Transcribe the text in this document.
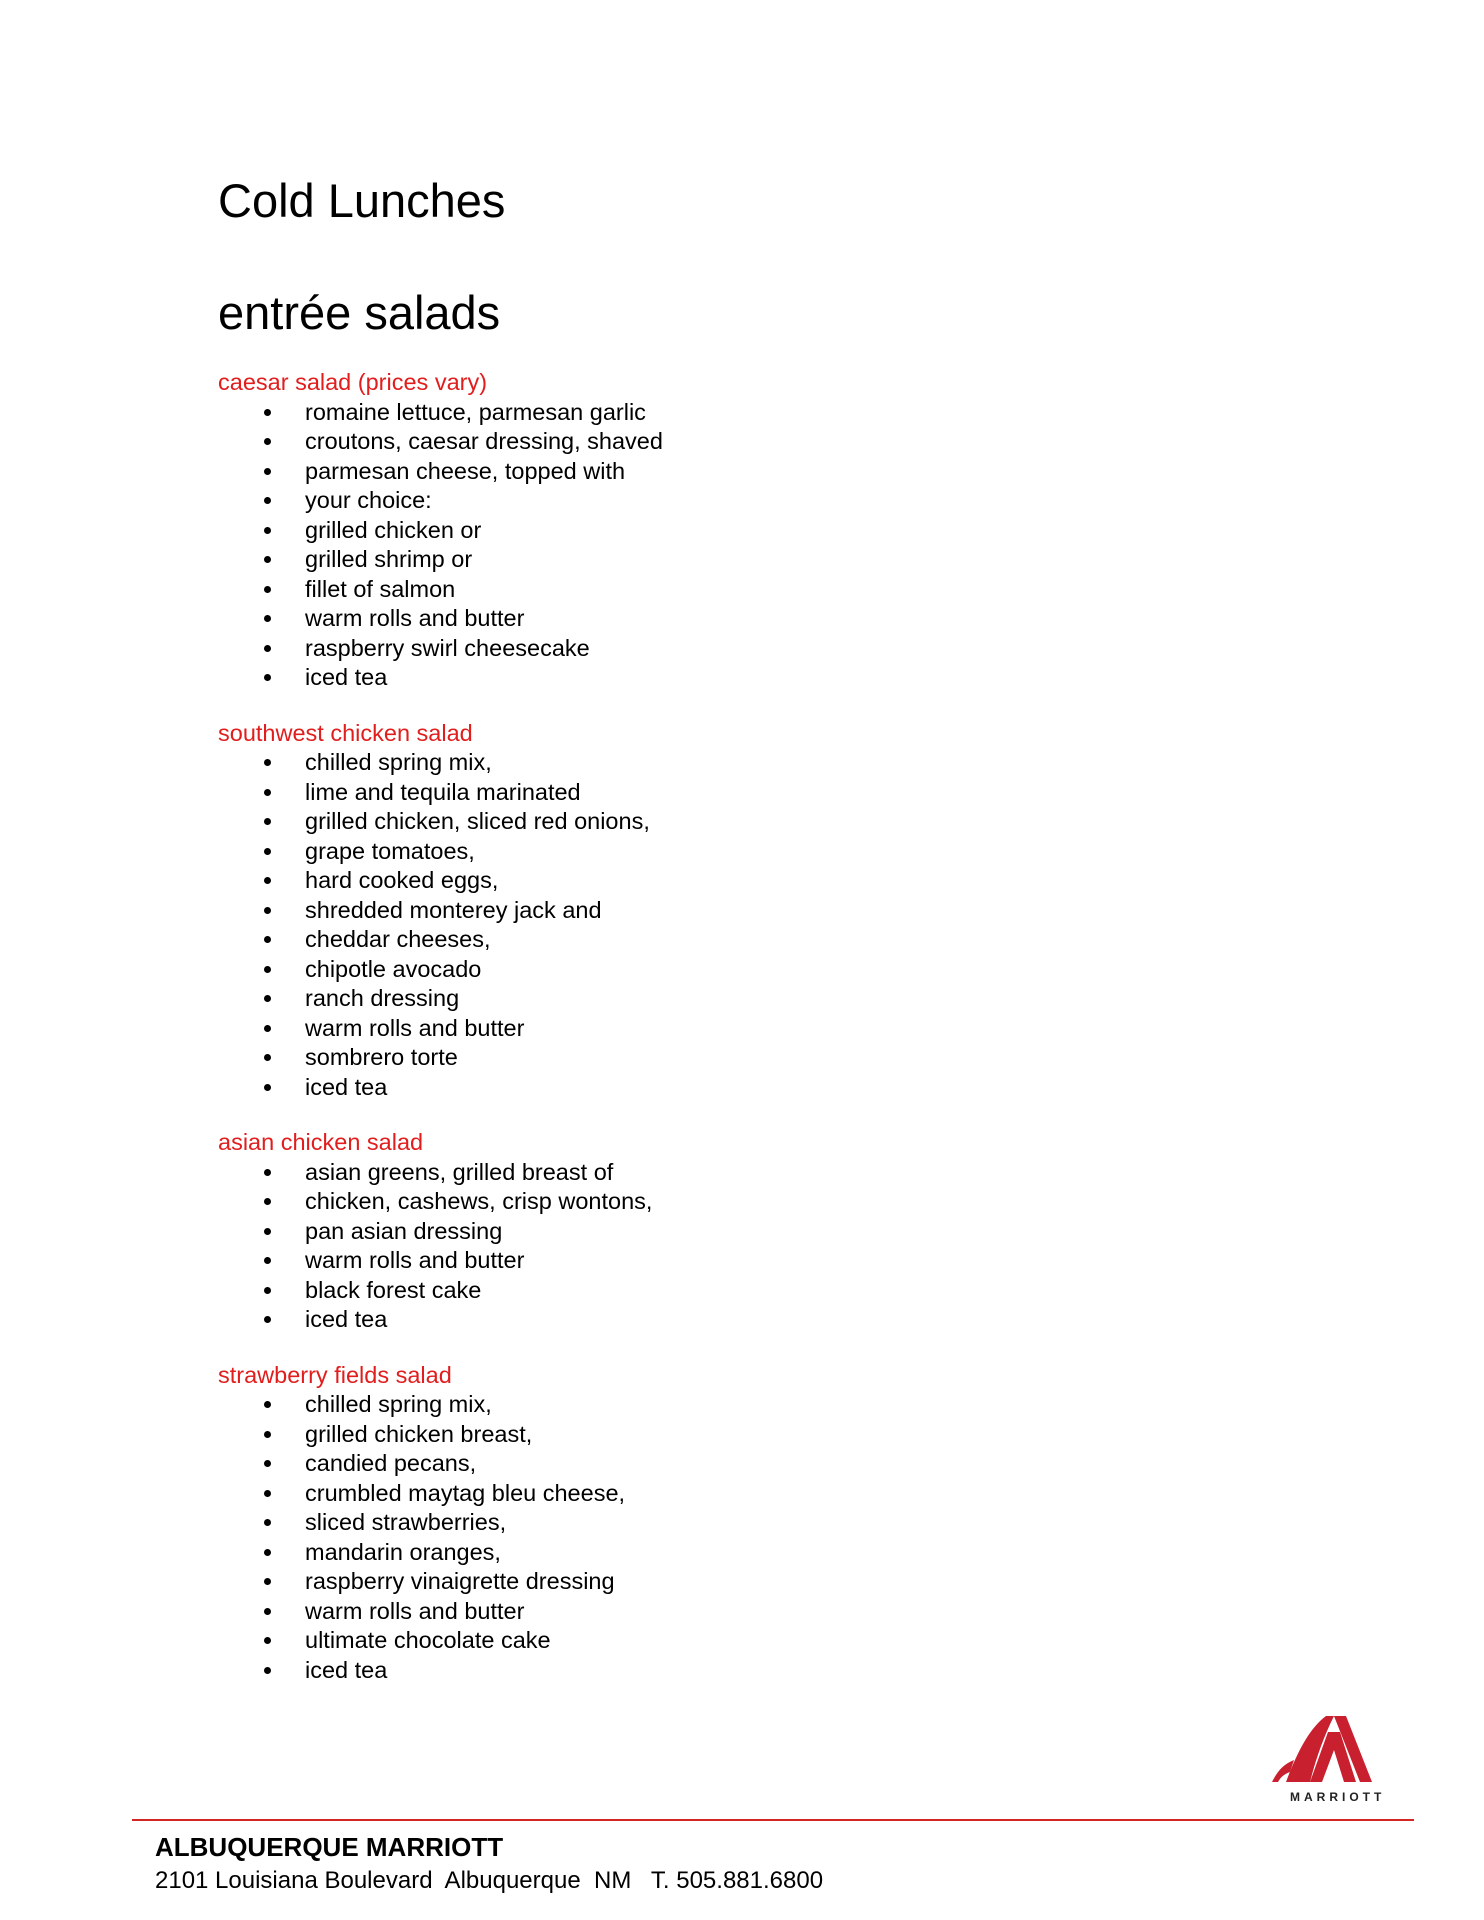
Cold Lunches
entrée salads
caesar salad (prices vary)
romaine lettuce, parmesan garlic
croutons, caesar dressing, shaved
parmesan cheese, topped with
your choice:
grilled chicken or
grilled shrimp or
fillet of salmon
warm rolls and butter
raspberry swirl cheesecake
iced tea
southwest chicken salad
chilled spring mix,
lime and tequila marinated
grilled chicken, sliced red onions,
grape tomatoes,
hard cooked eggs,
shredded monterey jack and
cheddar cheeses,
chipotle avocado
ranch dressing
warm rolls and butter
sombrero torte
iced tea
asian chicken salad
asian greens, grilled breast of
chicken, cashews, crisp wontons,
pan asian dressing
warm rolls and butter
black forest cake
iced tea
strawberry fields salad
chilled spring mix,
grilled chicken breast,
candied pecans,
crumbled maytag bleu cheese,
sliced strawberries,
mandarin oranges,
raspberry vinaigrette dressing
warm rolls and butter
ultimate chocolate cake
iced tea
MARRIOTT
ALBUQUERQUE MARRIOTT
2101 Louisiana Boulevard  Albuquerque  NM   T. 505.881.6800
